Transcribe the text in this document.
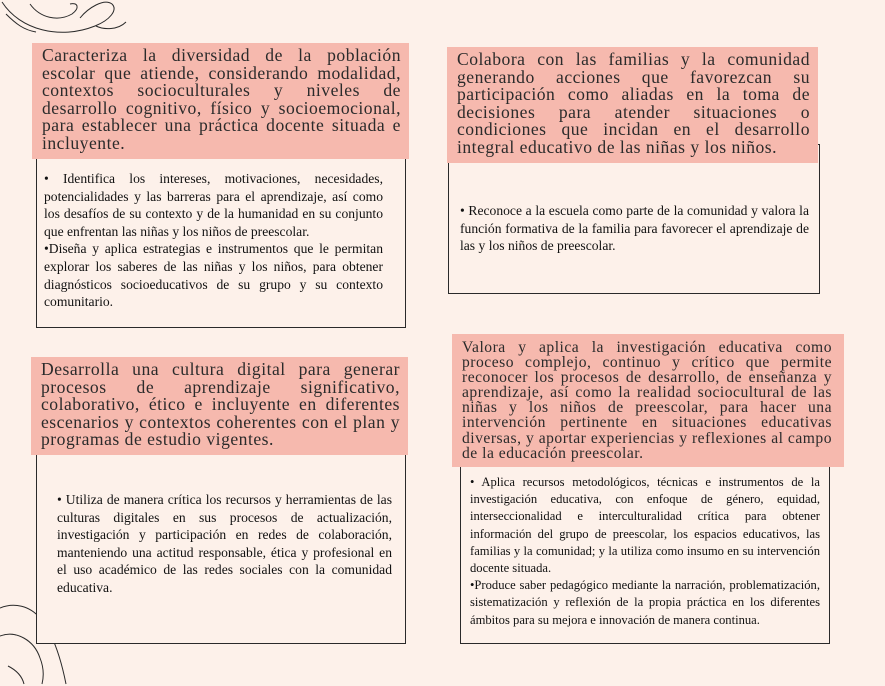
Caracteriza la diversidad de la población escolar que atiende, considerando modalidad, contextos socioculturales y niveles de desarrollo cognitivo, físico y socioemocional, para establecer una práctica docente situada e incluyente.

• Identifica los intereses, motivaciones, necesidades, potencialidades y las barreras para el aprendizaje, así como los desafíos de su contexto y de la humanidad en su conjunto que enfrentan las niñas y los niños de preescolar.

•Diseña y aplica estrategias e instrumentos que le permitan explorar los saberes de las niñas y los niños, para obtener diagnósticos socioeducativos de su grupo y su contexto comunitario.

Colabora con las familias y la comunidad generando acciones que favorezcan su participación como aliadas en la toma de decisiones para atender situaciones o condiciones que incidan en el desarrollo integral educativo de las niñas y los niños.

• Reconoce a la escuela como parte de la comunidad y valora la función formativa de la familia para favorecer el aprendizaje de las y los niños de preescolar.

Desarrolla una cultura digital para generar procesos de aprendizaje significativo, colaborativo, ético e incluyente en diferentes escenarios y contextos coherentes con el plan y programas de estudio vigentes.

• Utiliza de manera crítica los recursos y herramientas de las culturas digitales en sus procesos de actualización, investigación y participación en redes de colaboración, manteniendo una actitud responsable, ética y profesional en el uso académico de las redes sociales con la comunidad educativa.

Valora y aplica la investigación educativa como proceso complejo, continuo y crítico que permite reconocer los procesos de desarrollo, de enseñanza y aprendizaje, así como la realidad sociocultural de las niñas y los niños de preescolar, para hacer una intervención pertinente en situaciones educativas diversas, y aportar experiencias y reflexiones al campo de la educación preescolar.

• Aplica recursos metodológicos, técnicas e instrumentos de la investigación educativa, con enfoque de género, equidad, interseccionalidad e interculturalidad crítica para obtener información del grupo de preescolar, los espacios educativos, las familias y la comunidad; y la utiliza como insumo en su intervención docente situada.

•Produce saber pedagógico mediante la narración, problematización, sistematización y reflexión de la propia práctica en los diferentes ámbitos para su mejora e innovación de manera continua.
